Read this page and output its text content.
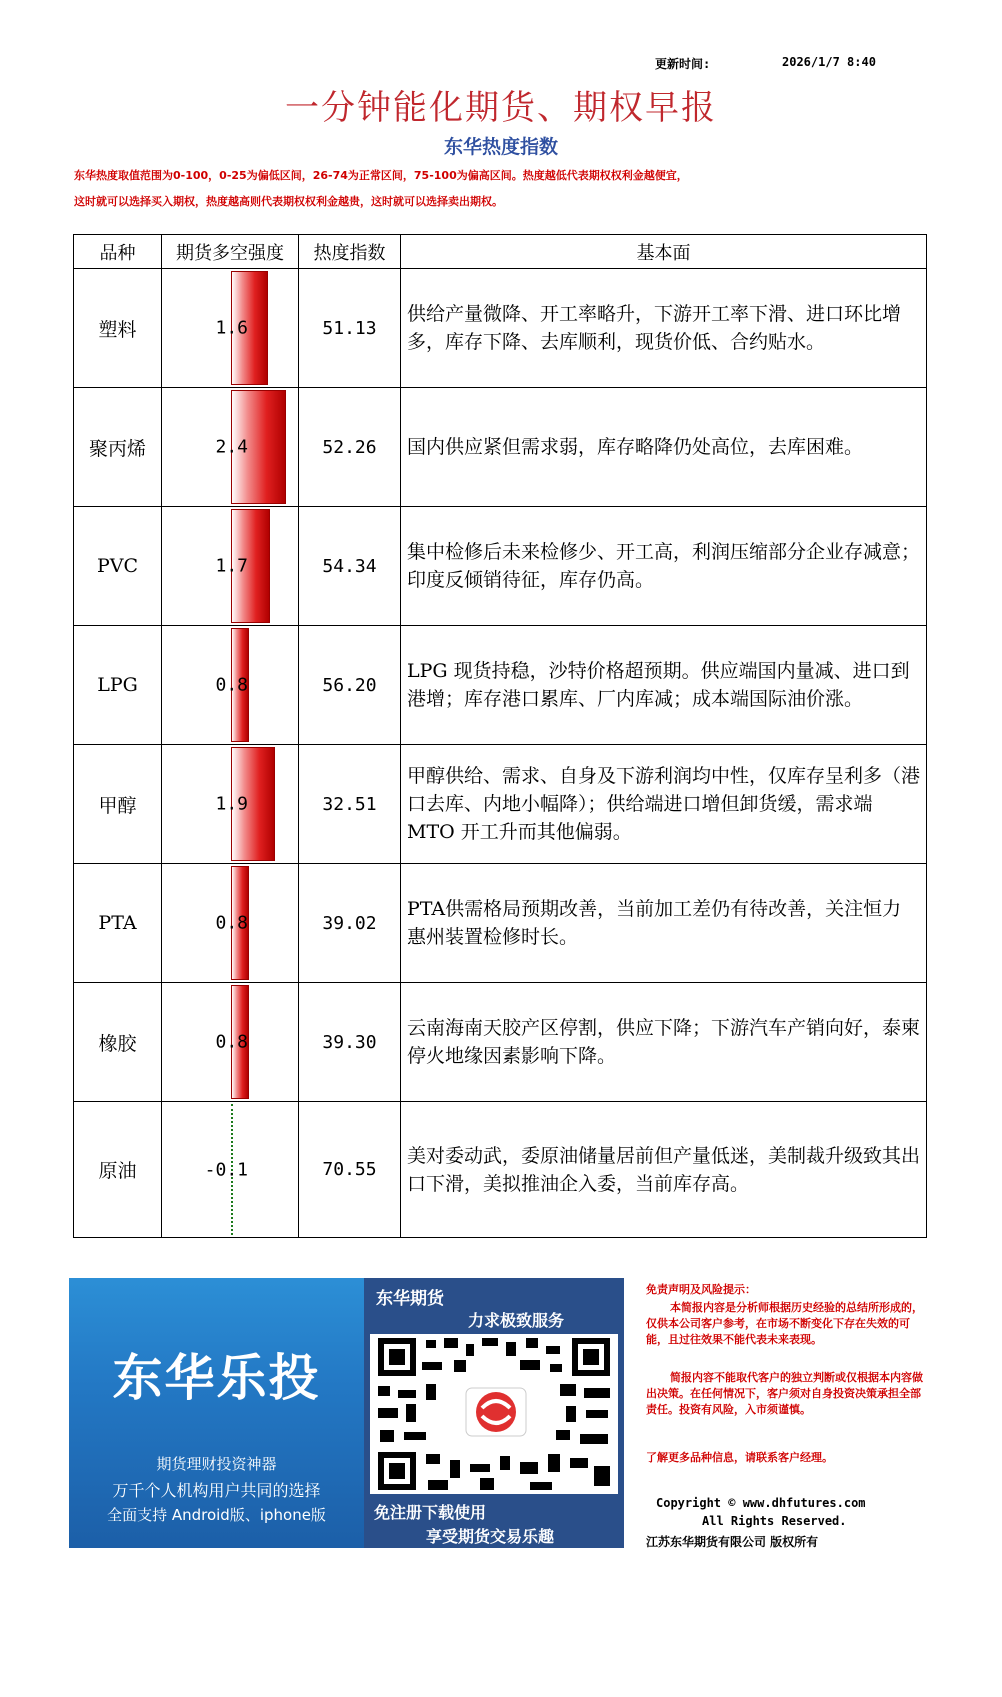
更新时间:	2026/1/7 8:40
一分钟能化期货、期权早报
东华热度指数
东华热度取值范围为0-100，0-25为偏低区间，26-74为正常区间，75-100为偏高区间。热度越低代表期权权利金越便宜，
这时就可以选择买入期权，热度越高则代表期权权利金越贵，这时就可以选择卖出期权。
品种	期货多空强度	热度指数	基本面
塑料	1.6	51.13	供给产量微降、开工率略升，下游开工率下滑、进口环比增多，库存下降、去库顺利，现货价低、合约贴水。
聚丙烯	2.4	52.26	国内供应紧但需求弱，库存略降仍处高位，去库困难。
PVC	1.7	54.34	集中检修后未来检修少、开工高，利润压缩部分企业存减意；印度反倾销待征，库存仍高。
LPG	0.8	56.20	LPG 现货持稳，沙特价格超预期。供应端国内量减、进口到港增；库存港口累库、厂内库减；成本端国际油价涨。
甲醇	1.9	32.51	甲醇供给、需求、自身及下游利润均中性，仅库存呈利多（港口去库、内地小幅降）；供给端进口增但卸货缓，需求端 MTO 开工升而其他偏弱。
PTA	0.8	39.02	PTA供需格局预期改善，当前加工差仍有待改善，关注恒力惠州装置检修时长。
橡胶	0.8	39.30	云南海南天胶产区停割，供应下降；下游汽车产销向好，泰柬停火地缘因素影响下降。
原油	-0.1	70.55	美对委动武，委原油储量居前但产量低迷，美制裁升级致其出口下滑，美拟推油企入委，当前库存高。
东华乐投
期货理财投资神器
万千个人机构用户共同的选择
全面支持 Android版、iphone版
东华期货
力求极致服务
免注册下载使用
享受期货交易乐趣
免责声明及风险提示：
本简报内容是分析师根据历史经验的总结所形成的，仅供本公司客户参考，在市场不断变化下存在失效的可能，且过往效果不能代表未来表现。
简报内容不能取代客户的独立判断或仅根据本内容做出决策。在任何情况下，客户须对自身投资决策承担全部责任。投资有风险，入市须谨慎。
了解更多品种信息，请联系客户经理。
Copyright © www.dhfutures.com
All Rights Reserved.
江苏东华期货有限公司 版权所有
